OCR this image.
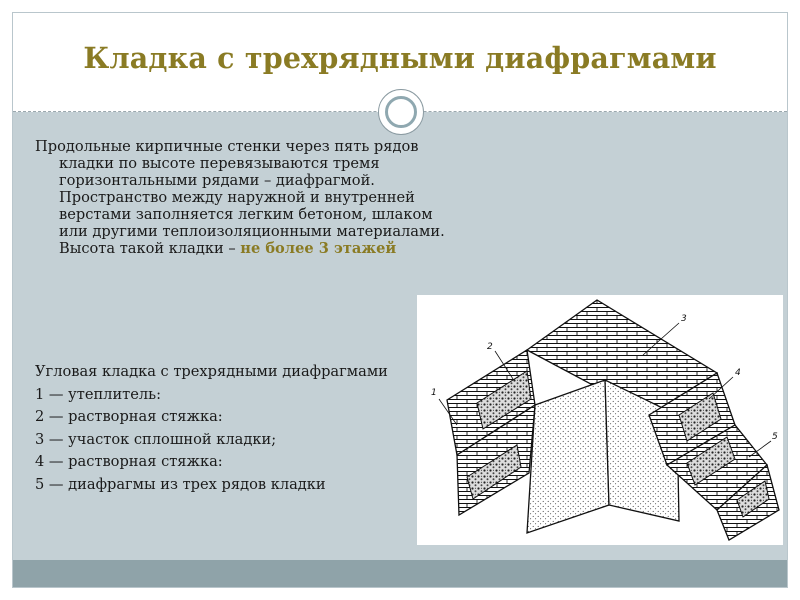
Кладка с трехрядными диафрагмами

Продольные кирпичные стенки через пять рядов кладки по высоте перевязываются тремя горизонтальными рядами – диафрагмой. Пространство между наружной и внутренней верстами заполняется легким бетоном, шлаком или другими теплоизоляционными материалами. Высота такой кладки – не более 3 этажей

Угловая кладка с трехрядными диафрагмами
1 — утеплитель:
2 — растворная стяжка:
3 — участок сплошной кладки;
4 — растворная стяжка:
5 — диафрагмы из трех рядов кладки
1
2
3
4
5
